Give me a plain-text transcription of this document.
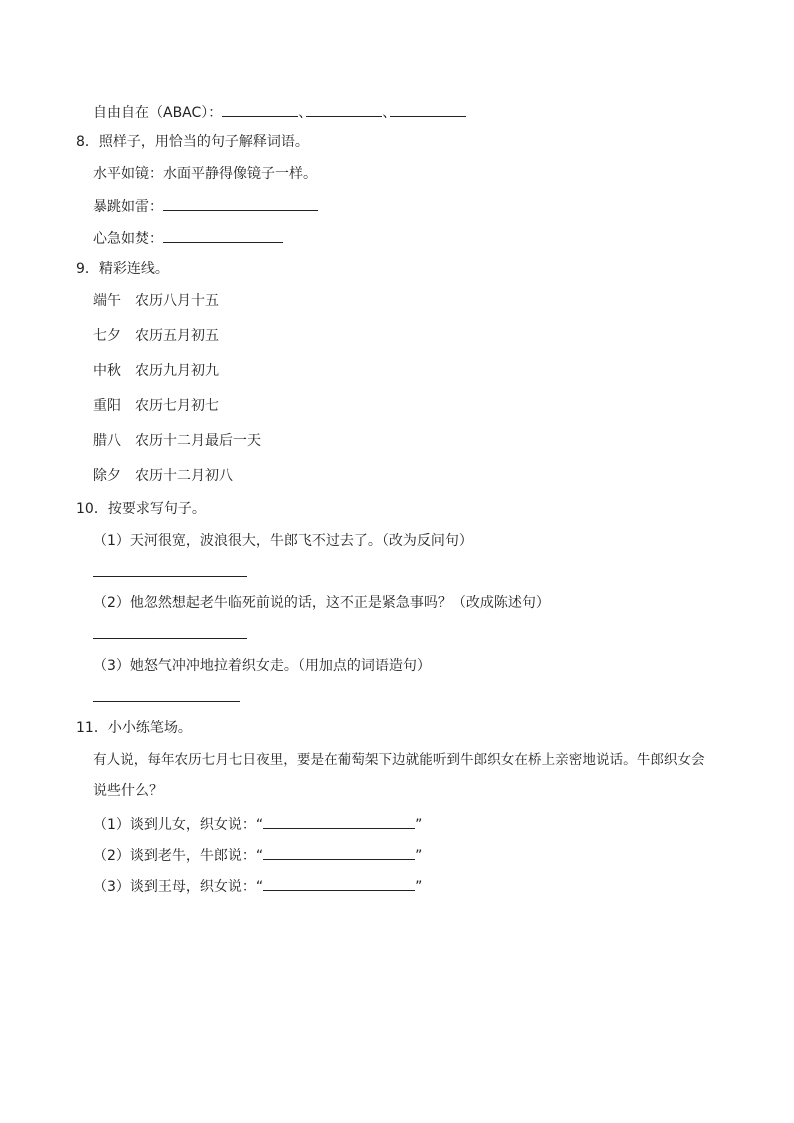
自由自在（ABAC）：	、	、
8．照样子，用恰当的句子解释词语。
水平如镜：水面平静得像镜子一样。
暴跳如雷：
心急如焚：
9．精彩连线。
端午 农历八月十五
七夕 农历五月初五
中秋 农历九月初九
重阳 农历七月初七
腊八 农历十二月最后一天
除夕 农历十二月初八
10．按要求写句子。
（1）天河很宽，波浪很大，牛郎飞不过去了。（改为反问句）
（2）他忽然想起老牛临死前说的话，这不正是紧急事吗？（改成陈述句）
（3）她怒气冲冲地拉着织女走。（用加点的词语造句）
11．小小练笔场。
有人说，每年农历七月七日夜里，要是在葡萄架下边就能听到牛郎织女在桥上亲密地说话。牛郎织女会
说些什么？
（1）谈到儿女，织女说：“	”
（2）谈到老牛，牛郎说：“	”
（3）谈到王母，织女说：“	”
